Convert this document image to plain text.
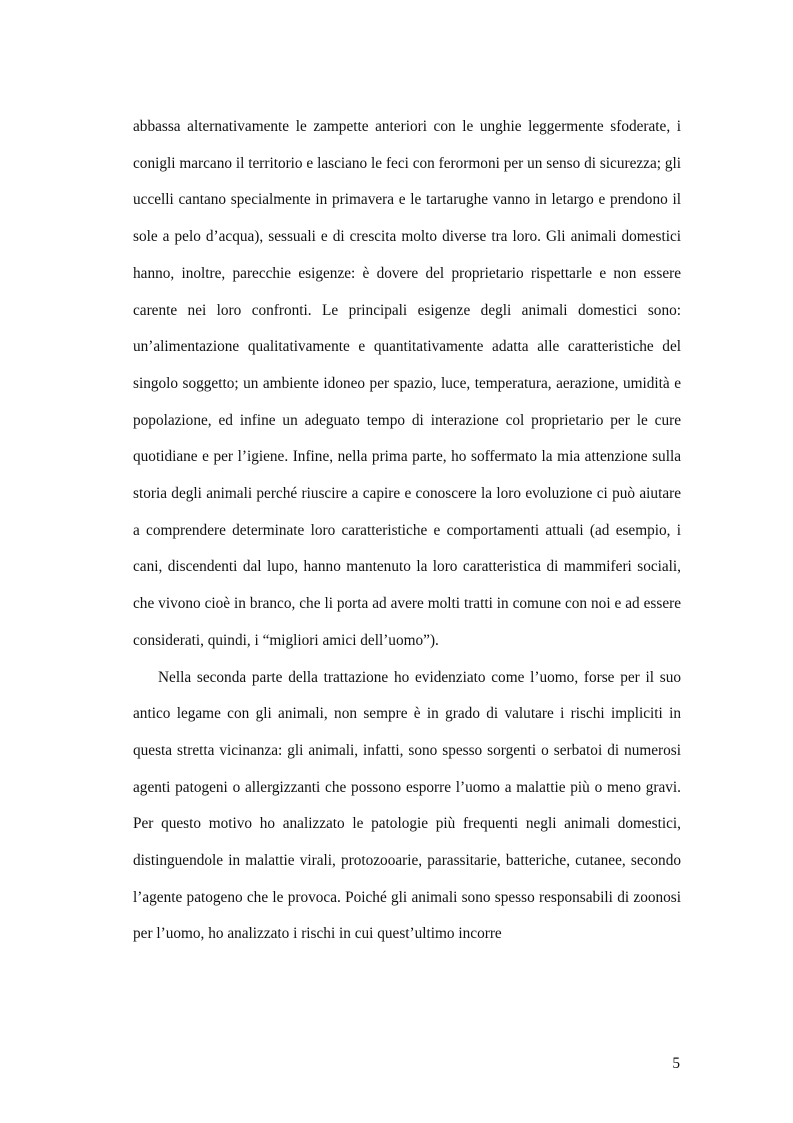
abbassa alternativamente le zampette anteriori con le unghie leggermente sfoderate, i conigli marcano il territorio e lasciano le feci con ferormoni per un senso di sicurezza; gli uccelli cantano specialmente in primavera e le tartarughe vanno in letargo e prendono il sole a pelo d’acqua), sessuali e di crescita molto diverse tra loro. Gli animali domestici hanno, inoltre, parecchie esigenze: è dovere del proprietario rispettarle e non essere carente nei loro confronti. Le principali esigenze degli animali domestici sono: un’alimentazione qualitativamente e quantitativamente adatta alle caratteristiche del singolo soggetto; un ambiente idoneo per spazio, luce, temperatura, aerazione, umidità e popolazione, ed infine un adeguato tempo di interazione col proprietario per le cure quotidiane e per l’igiene. Infine, nella prima parte, ho soffermato la mia attenzione sulla storia degli animali perché riuscire a capire e conoscere la loro evoluzione ci può aiutare a comprendere determinate loro caratteristiche e comportamenti attuali (ad esempio, i cani, discendenti dal lupo, hanno mantenuto la loro caratteristica di mammiferi sociali, che vivono cioè in branco, che li porta ad avere molti tratti in comune con noi e ad essere considerati, quindi, i “migliori amici dell’uomo”).

Nella seconda parte della trattazione ho evidenziato come l’uomo, forse per il suo antico legame con gli animali, non sempre è in grado di valutare i rischi impliciti in questa stretta vicinanza: gli animali, infatti, sono spesso sorgenti o serbatoi di numerosi agenti patogeni o allergizzanti che possono esporre l’uomo a malattie più o meno gravi. Per questo motivo ho analizzato le patologie più frequenti negli animali domestici, distinguendole in malattie virali, protozooarie, parassitarie, batteriche, cutanee, secondo l’agente patogeno che le provoca. Poiché gli animali sono spesso responsabili di zoonosi per l’uomo, ho analizzato i rischi in cui quest’ultimo incorre

5
